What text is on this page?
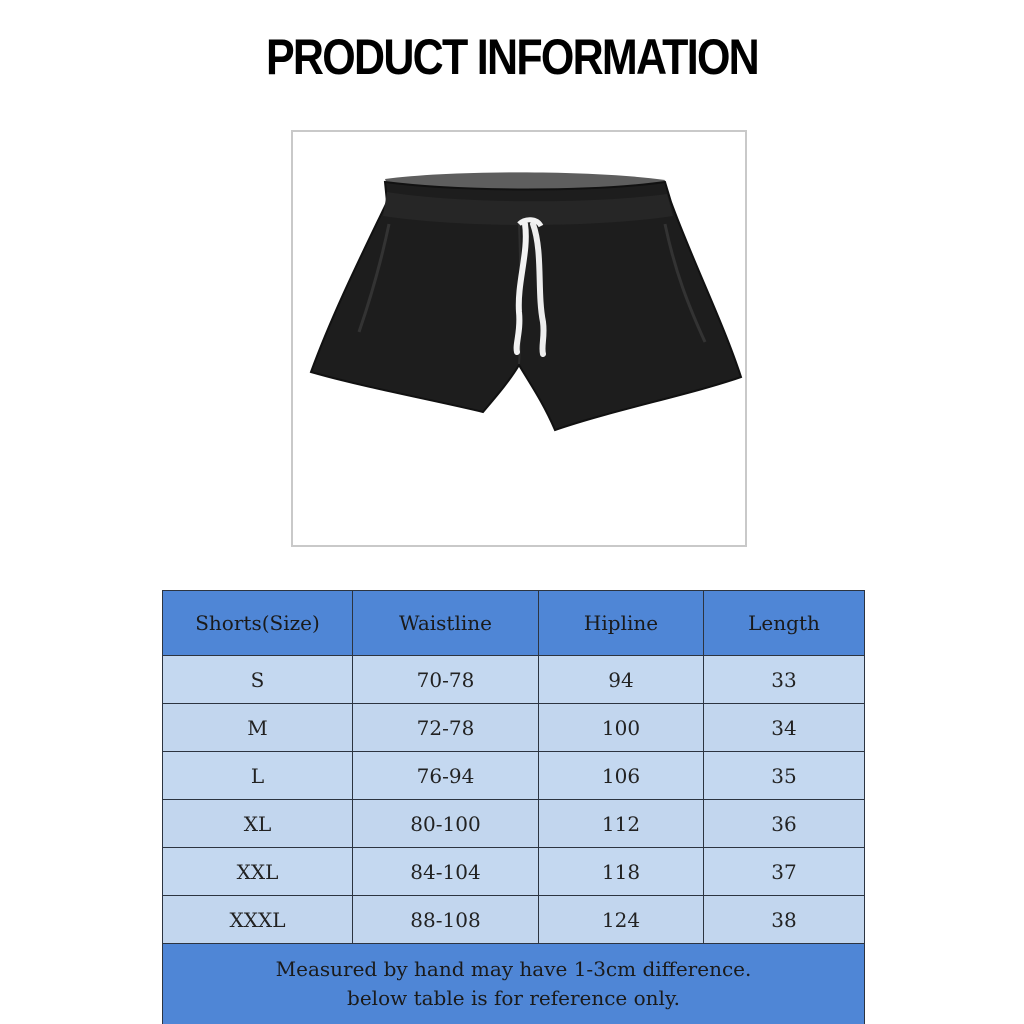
PRODUCT INFORMATION
Shorts(Size)	Waistline	Hipline	Length
S	70-78	94	33
M	72-78	100	34
L	76-94	106	35
XL	80-100	112	36
XXL	84-104	118	37
XXXL	88-108	124	38

Measured by hand may have 1-3cm difference.
below table is for reference only.			
